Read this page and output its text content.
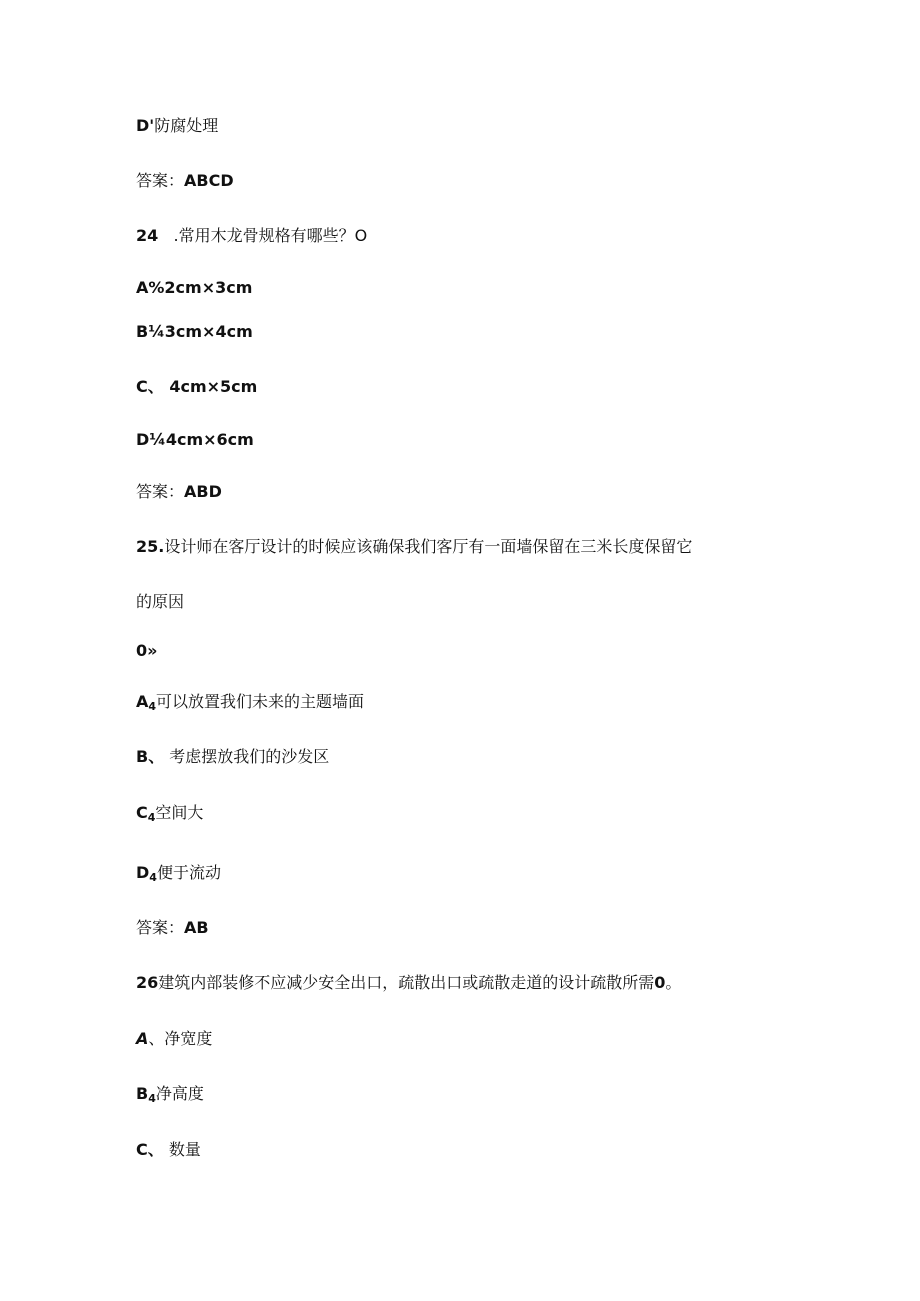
D'防腐处理
答案：ABCD
24 .常用木龙骨规格有哪些？O
A%2cm×3cm
B¼3cm×4cm
C、 4cm×5cm
D¼4cm×6cm
答案：ABD
25.设计师在客厅设计的时候应该确保我们客厅有一面墙保留在三米长度保留它
的原因
0»
$A_4$可以放置我们未来的主题墙面
B、 考虑摆放我们的沙发区
$C_4$空间大
$D_4$便于流动
答案：AB
26建筑内部装修不应减少安全出口，疏散出口或疏散走道的设计疏散所需0。
A、净宽度
$B_4$净高度
C、 数量
